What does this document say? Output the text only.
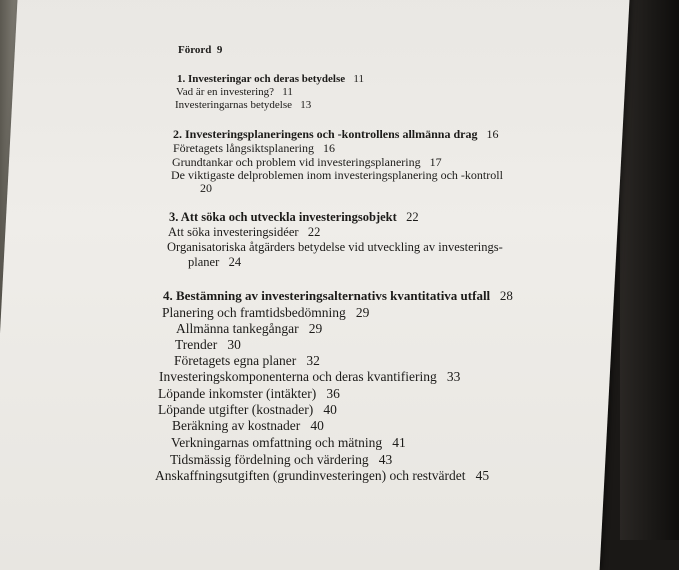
Förord 9
1. Investeringar och deras betydelse 11
Vad är en investering? 11
Investeringarnas betydelse 13
2. Investeringsplaneringens och -kontrollens allmänna drag 16
Företagets långsiktsplanering 16
Grundtankar och problem vid investeringsplanering 17
De viktigaste delproblemen inom investeringsplanering och -kontroll
20
3. Att söka och utveckla investeringsobjekt 22
Att söka investeringsidéer 22
Organisatoriska åtgärders betydelse vid utveckling av investerings-
planer 24
4. Bestämning av investeringsalternativs kvantitativa utfall 28
Planering och framtidsbedömning 29
Allmänna tankegångar 29
Trender 30
Företagets egna planer 32
Investeringskomponenterna och deras kvantifiering 33
Löpande inkomster (intäkter) 36
Löpande utgifter (kostnader) 40
Beräkning av kostnader 40
Verkningarnas omfattning och mätning 41
Tidsmässig fördelning och värdering 43
Anskaffningsutgiften (grundinvesteringen) och restvärdet 45
